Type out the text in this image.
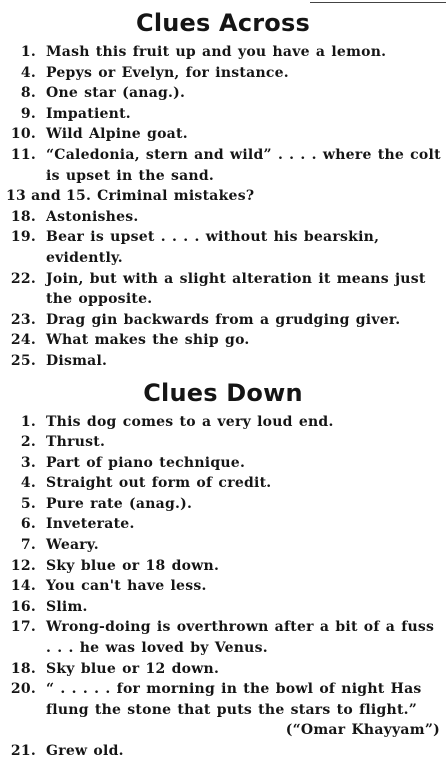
Clues Across
1. Mash this fruit up and you have a lemon.
4. Pepys or Evelyn, for instance.
8. One star (anag.).
9. Impatient.
10. Wild Alpine goat.
11. “Caledonia, stern and wild” . . . . where the colt is upset in the sand.
13 and 15. Criminal mistakes?
18. Astonishes.
19. Bear is upset . . . . without his bearskin, evidently.
22. Join, but with a slight alteration it means just the opposite.
23. Drag gin backwards from a grudging giver.
24. What makes the ship go.
25. Dismal.
Clues Down
1. This dog comes to a very loud end.
2. Thrust.
3. Part of piano technique.
4. Straight out form of credit.
5. Pure rate (anag.).
6. Inveterate.
7. Weary.
12. Sky blue or 18 down.
14. You can't have less.
16. Slim.
17. Wrong-doing is overthrown after a bit of a fuss . . . he was loved by Venus.
18. Sky blue or 12 down.
20. “ . . . . . for morning in the bowl of night Has flung the stone that puts the stars to flight.”
(“Omar Khayyam”)
21. Grew old.
